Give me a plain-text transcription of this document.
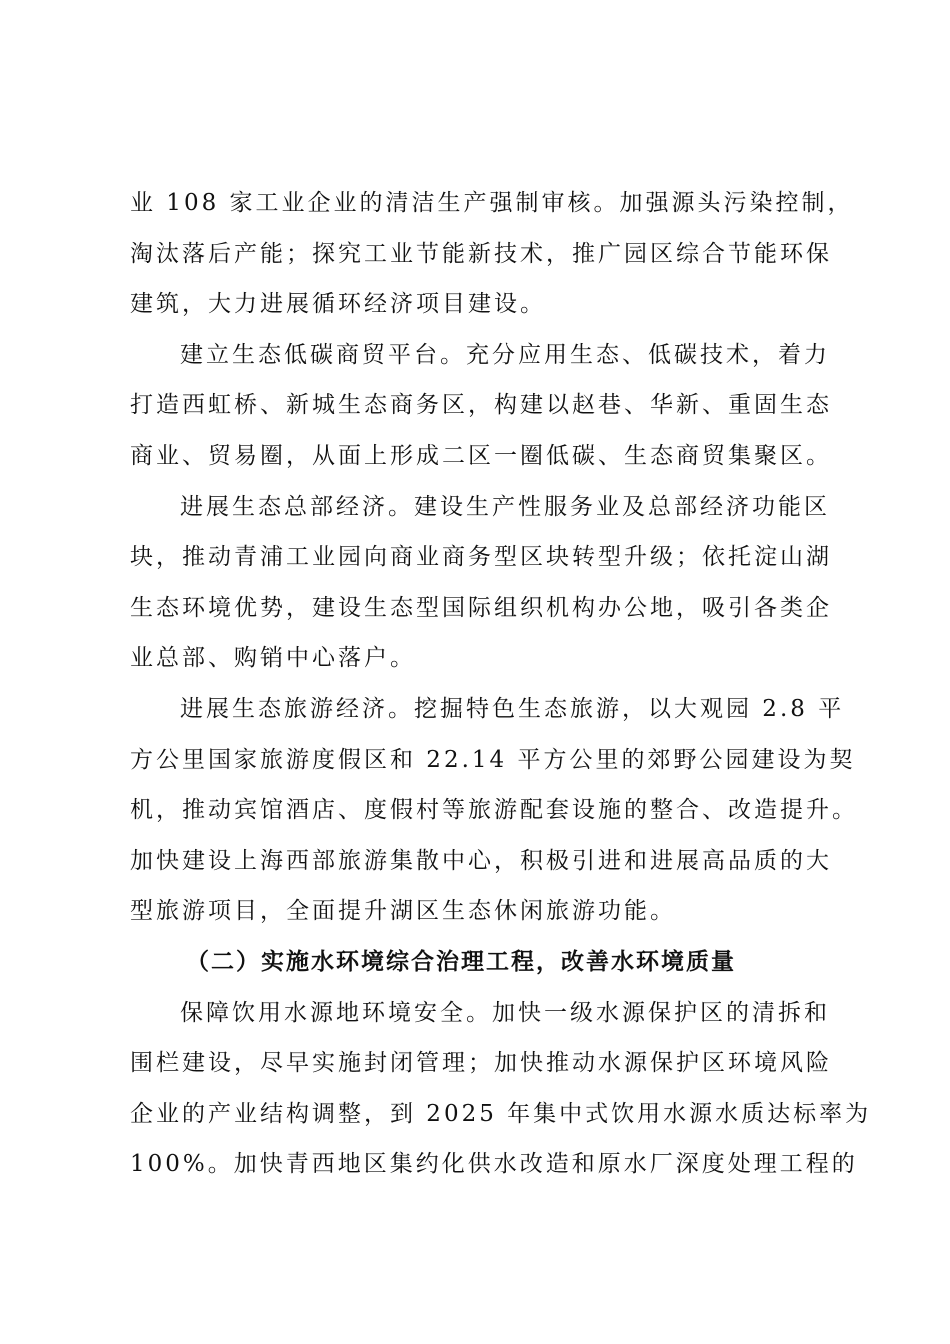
业 108 家工业企业的清洁生产强制审核。加强源头污染控制，
淘汰落后产能；探究工业节能新技术，推广园区综合节能环保
建筑，大力进展循环经济项目建设。
建立生态低碳商贸平台。充分应用生态、低碳技术，着力
打造西虹桥、新城生态商务区，构建以赵巷、华新、重固生态
商业、贸易圈，从面上形成二区一圈低碳、生态商贸集聚区。
进展生态总部经济。建设生产性服务业及总部经济功能区
块，推动青浦工业园向商业商务型区块转型升级；依托淀山湖
生态环境优势，建设生态型国际组织机构办公地，吸引各类企
业总部、购销中心落户。
进展生态旅游经济。挖掘特色生态旅游，以大观园 2.8 平
方公里国家旅游度假区和 22.14 平方公里的郊野公园建设为契
机，推动宾馆酒店、度假村等旅游配套设施的整合、改造提升。
加快建设上海西部旅游集散中心，积极引进和进展高品质的大
型旅游项目，全面提升湖区生态休闲旅游功能。
（二）实施水环境综合治理工程，改善水环境质量
保障饮用水源地环境安全。加快一级水源保护区的清拆和
围栏建设，尽早实施封闭管理；加快推动水源保护区环境风险
企业的产业结构调整，到 2025 年集中式饮用水源水质达标率为
100%。加快青西地区集约化供水改造和原水厂深度处理工程的
